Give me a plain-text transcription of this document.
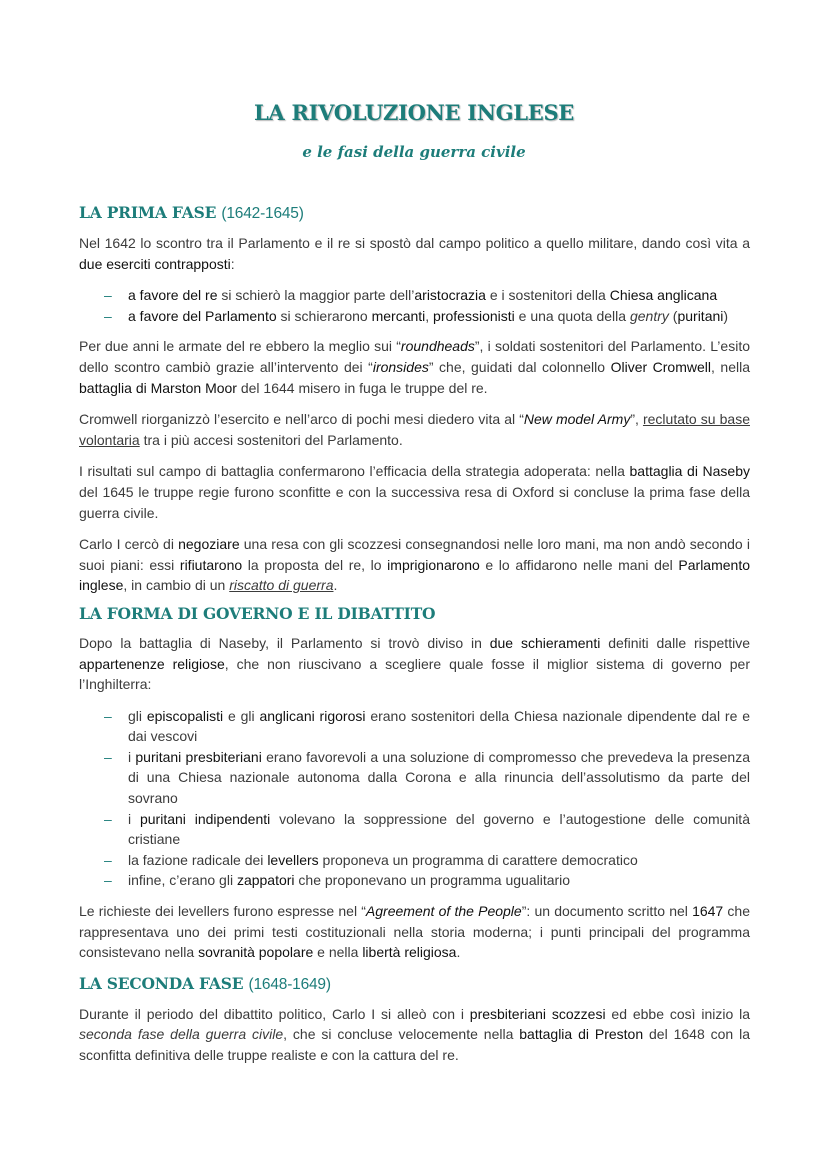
LA RIVOLUZIONE INGLESE
e le fasi della guerra civile
LA PRIMA FASE (1642-1645)

Nel 1642 lo scontro tra il Parlamento e il re si spostò dal campo politico a quello militare, dando così vita a due eserciti contrapposti:

– a favore del re si schierò la maggior parte dell’aristocrazia e i sostenitori della Chiesa anglicana
– a favore del Parlamento si schierarono mercanti, professionisti e una quota della gentry (puritani)

Per due anni le armate del re ebbero la meglio sui “roundheads”, i soldati sostenitori del Parlamento. L’esito dello scontro cambiò grazie all’intervento dei “ironsides” che, guidati dal colonnello Oliver Cromwell, nella battaglia di Marston Moor del 1644 misero in fuga le truppe del re.

Cromwell riorganizzò l’esercito e nell’arco di pochi mesi diedero vita al “New model Army”, reclutato su base volontaria tra i più accesi sostenitori del Parlamento.

I risultati sul campo di battaglia confermarono l’efficacia della strategia adoperata: nella battaglia di Naseby del 1645 le truppe regie furono sconfitte e con la successiva resa di Oxford si concluse la prima fase della guerra civile.

Carlo I cercò di negoziare una resa con gli scozzesi consegnandosi nelle loro mani, ma non andò secondo i suoi piani: essi rifiutarono la proposta del re, lo imprigionarono e lo affidarono nelle mani del Parlamento inglese, in cambio di un riscatto di guerra.

LA FORMA DI GOVERNO E IL DIBATTITO

Dopo la battaglia di Naseby, il Parlamento si trovò diviso in due schieramenti definiti dalle rispettive appartenenze religiose, che non riuscivano a scegliere quale fosse il miglior sistema di governo per l’Inghilterra:

– gli episcopalisti e gli anglicani rigorosi erano sostenitori della Chiesa nazionale dipendente dal re e dai vescovi
– i puritani presbiteriani erano favorevoli a una soluzione di compromesso che prevedeva la presenza di una Chiesa nazionale autonoma dalla Corona e alla rinuncia dell’assolutismo da parte del sovrano
– i puritani indipendenti volevano la soppressione del governo e l’autogestione delle comunità cristiane
– la fazione radicale dei levellers proponeva un programma di carattere democratico
– infine, c’erano gli zappatori che proponevano un programma ugualitario

Le richieste dei levellers furono espresse nel “Agreement of the People”: un documento scritto nel 1647 che rappresentava uno dei primi testi costituzionali nella storia moderna; i punti principali del programma consistevano nella sovranità popolare e nella libertà religiosa.

LA SECONDA FASE (1648-1649)

Durante il periodo del dibattito politico, Carlo I si alleò con i presbiteriani scozzesi ed ebbe così inizio la seconda fase della guerra civile, che si concluse velocemente nella battaglia di Preston del 1648 con la sconfitta definitiva delle truppe realiste e con la cattura del re.
